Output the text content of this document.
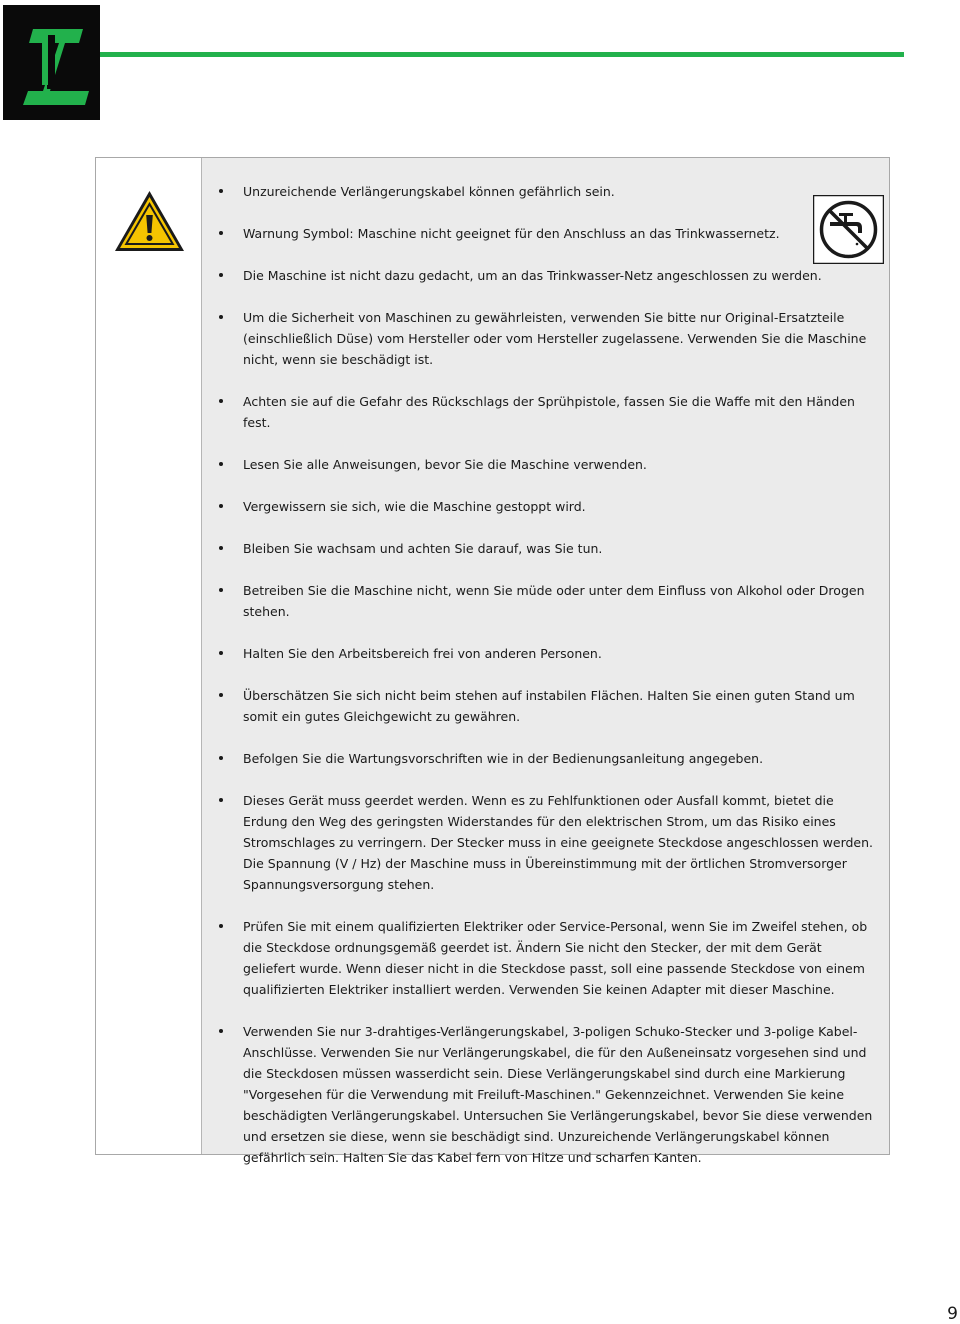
Unzureichende Verlängerungskabel können gefährlich sein.
Warnung Symbol: Maschine nicht geeignet für den Anschluss an das Trinkwassernetz.
Die Maschine ist nicht dazu gedacht, um an das Trinkwasser-Netz angeschlossen zu werden.
Um die Sicherheit von Maschinen zu gewährleisten, verwenden Sie bitte nur Original-Ersatzteile (einschließlich Düse) vom Hersteller oder vom Hersteller zugelassene. Verwenden Sie die Maschine nicht, wenn sie beschädigt ist.
Achten sie auf die Gefahr des Rückschlags der Sprühpistole, fassen Sie die Waffe mit den Händen fest.
Lesen Sie alle Anweisungen, bevor Sie die Maschine verwenden.
Vergewissern sie sich, wie die Maschine gestoppt wird.
Bleiben Sie wachsam und achten Sie darauf, was Sie tun.
Betreiben Sie die Maschine nicht, wenn Sie müde oder unter dem Einfluss von Alkohol oder Drogen stehen.
Halten Sie den Arbeitsbereich frei von anderen Personen.
Überschätzen Sie sich nicht beim stehen auf instabilen Flächen. Halten Sie einen guten Stand um somit ein gutes Gleichgewicht zu gewähren.
Befolgen Sie die Wartungsvorschriften wie in der Bedienungsanleitung angegeben.
Dieses Gerät muss geerdet werden. Wenn es zu Fehlfunktionen oder Ausfall kommt, bietet die Erdung den Weg des geringsten Widerstandes für den elektrischen Strom, um das Risiko eines Stromschlages zu verringern. Der Stecker muss in eine geeignete Steckdose angeschlossen werden. Die Spannung (V / Hz) der Maschine muss in Übereinstimmung mit der örtlichen Stromversorger Spannungsversorgung stehen.
Prüfen Sie mit einem qualifizierten Elektriker oder Service-Personal, wenn Sie im Zweifel stehen, ob die Steckdose ordnungsgemäß geerdet ist. Ändern Sie nicht den Stecker, der mit dem Gerät geliefert wurde. Wenn dieser nicht in die Steckdose passt, soll eine passende Steckdose von einem qualifizierten Elektriker installiert werden. Verwenden Sie keinen Adapter mit dieser Maschine.
Verwenden Sie nur 3-drahtiges-Verlängerungskabel, 3-poligen Schuko-Stecker und 3-polige Kabel-Anschlüsse. Verwenden Sie nur Verlängerungskabel, die für den Außeneinsatz vorgesehen sind und die Steckdosen müssen wasserdicht sein. Diese Verlängerungskabel sind durch eine Markierung "Vorgesehen für die Verwendung mit Freiluft-Maschinen." Gekennzeichnet. Verwenden Sie keine beschädigten Verlängerungskabel. Untersuchen Sie Verlängerungskabel, bevor Sie diese verwenden und ersetzen sie diese, wenn sie beschädigt sind. Unzureichende Verlängerungskabel können gefährlich sein. Halten Sie das Kabel fern von Hitze und scharfen Kanten.
9
